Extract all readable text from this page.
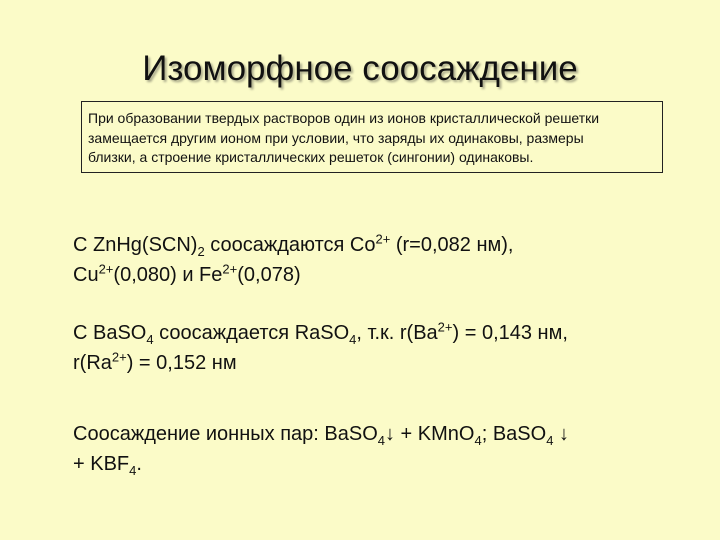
Изоморфное соосаждение
При образовании твердых растворов один из ионов кристаллической решетки
замещается другим ионом при условии, что заряды их одинаковы, размеры
близки, а строение кристаллических решеток (сингонии) одинаковы.
С $ZnHg(SCN)_2$ соосаждаются $Со^{2+}$ (r=0,082 нм),
$Cu^{2+}(0,080)$ и $Fe^{2+}(0,078)$
С BaSO$_4$ соосаждается RaSO$_4$, т.к. $r(Ba^{2+}) = 0,143$ нм,
$r(Ra^{2+}) = 0,152$ нм
Соосаждение ионных пар: BaSO$_4$↓ + KMnO$_4$; BaSO$_4$ ↓
+ $KBF_4$.
